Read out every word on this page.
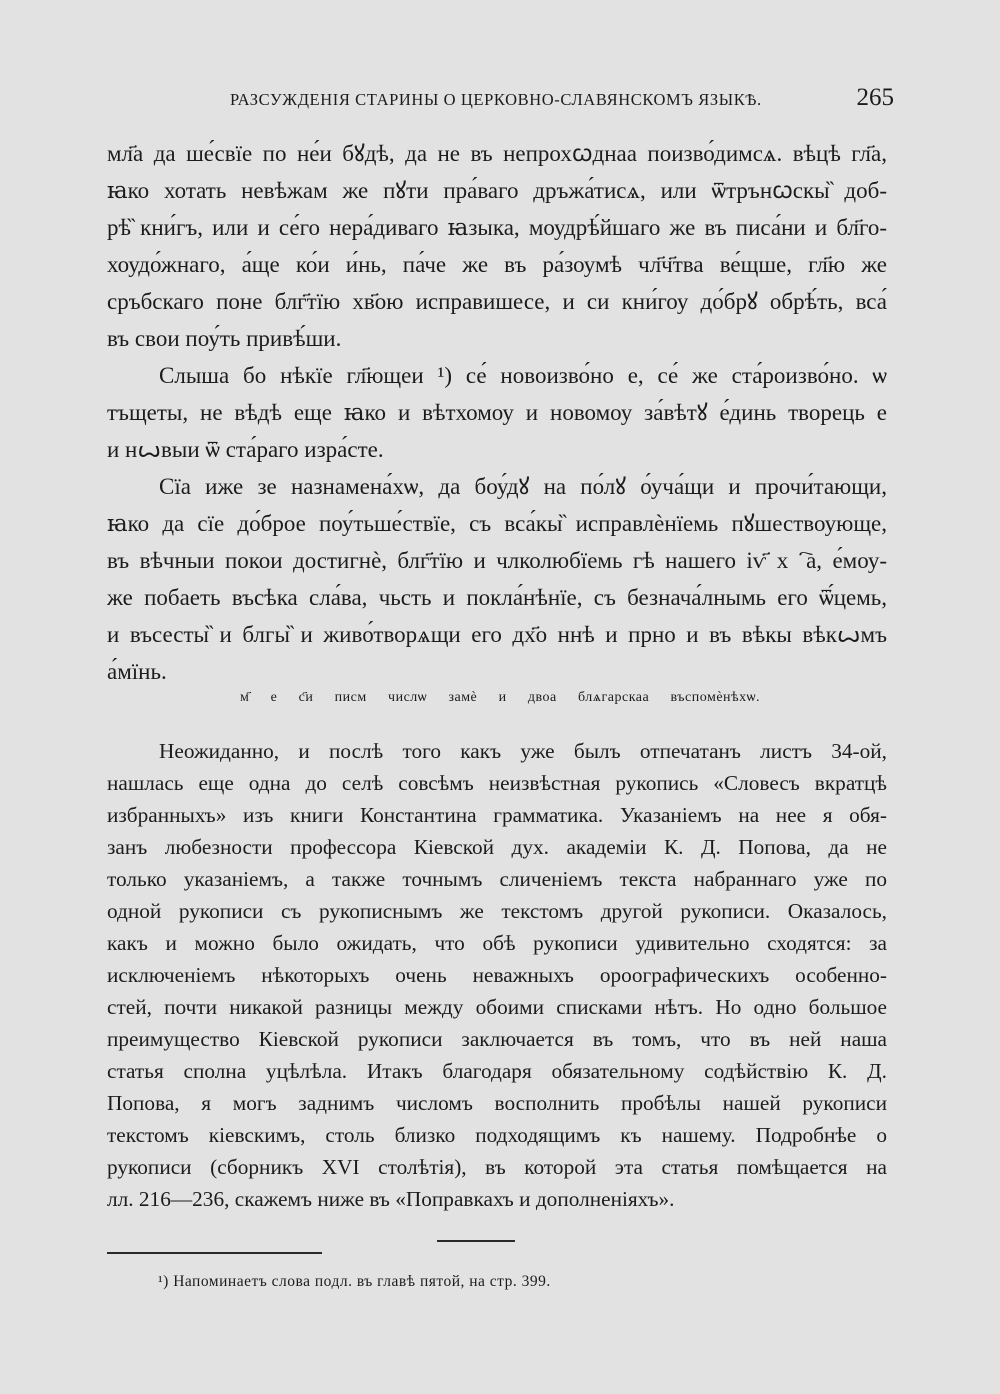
РАЗСУЖДЕНІЯ СТАРИНЫ О ЦЕРКОВНО-СЛАВЯНСКОМЪ ЯЗЫКѢ.	265
мл҃а да ше́свїе по не́и бꙋдѣ, да не въ непрохꙍднаа поизво́димсѧ. вѣцѣ гл҃а,
ꙗко хотать невѣжам же пꙋти пра́ваго дръжа́тисѧ, или ѿтрънꙍскы̏ доб-
рѣ̏ кни́гъ, или и се́го нера́диваго ꙗзыка, моудрѣ́йшаго же въ писа́ни и бл҃го-
хоудо́жнаго, а́ще ко́и и́нь, па́че же въ ра́зоумѣ чл҃ч҃тва ве́щше, гл҃ю же
сръбскаго поне блг҃тїю хв҃ою исправишесе, и си кни́гоу до́брꙋ обрѣ́ть, вса́
въ свои поу́ть привѣ́ши.
Слыша бо нѣкїе гл҃ющеи ¹) се́ новоизво́но е, се́ же ста́роизво́но. ѡ
тъщеты, не вѣдѣ еще ꙗко и вѣтхомоу и новомоу за́вѣтꙋ е́динь творець е
и нꙍвыи ѿ ста́раго изра́сте.
Сїа иже зе назнамена́хѡ, да боу́дꙋ на по́лꙋ о́уча́щи и прочи́тающи,
ꙗко да сїе до́брое поу́тьше́ствїе, съ вса́кы̏ исправлѐнїемь пꙋшествоующе,
въ вѣчныи покои достигнѐ, блг҃тїю и члколюбїемь гѣ нашего іѵ҃ хⷭ҇а, е́моу-
же побаеть въсѣка сла́ва, чьсть и покла́нѣнїе, съ безнача́лнымь его ѿ́цемь,
и въсесты̏ и блгы̏ и живо́творѧщи его дх҃о ннѣ и прно и въ вѣкы вѣкꙍмъ
а́мїнь.
м҃ е с҃и писм числѡ замѐ и двоа блѧгарскаа въспомѐнѣхѡ.
Неожиданно, и послѣ того какъ уже былъ отпечатанъ листъ 34-ой,
нашлась еще одна до селѣ совсѣмъ неизвѣстная рукопись «Словесъ вкратцѣ
избранныхъ» изъ книги Константина грамматика. Указаніемъ на нее я обя-
занъ любезности профессора Кіевской дух. академіи К. Д. Попова, да не
только указаніемъ, а также точнымъ сличеніемъ текста набраннаго уже по
одной рукописи съ рукописнымъ же текстомъ другой рукописи. Оказалось,
какъ и можно было ожидать, что обѣ рукописи удивительно сходятся: за
исключеніемъ нѣкоторыхъ очень неважныхъ ороографическихъ особенно-
стей, почти никакой разницы между обоими списками нѣтъ. Но одно большое
преимущество Кіевской рукописи заключается въ томъ, что въ ней наша
статья сполна уцѣлѣла. Итакъ благодаря обязательному содѣйствію К. Д.
Попова, я могъ заднимъ числомъ восполнить пробѣлы нашей рукописи
текстомъ кіевскимъ, столь близко подходящимъ къ нашему. Подробнѣе о
рукописи (сборникъ XVI столѣтія), въ которой эта статья помѣщается на
лл. 216—236, скажемъ ниже въ «Поправкахъ и дополненіяхъ».
¹) Напоминаетъ слова подл. въ главѣ пятой, на стр. 399.
